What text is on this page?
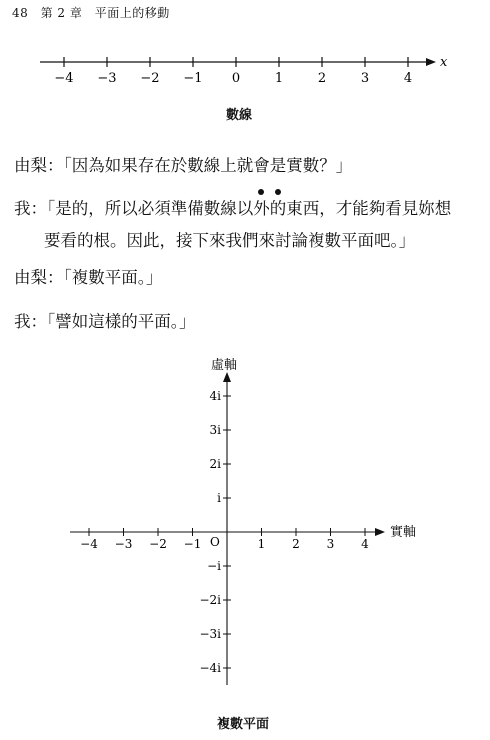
48 第 2 章 平面上的移動
−4 −3 −2 −1 0	1	2	3	4
x
−4 −3 −2 −1	1 2 3 4
4i
3i
2i
i
−i
−2i
−3i
−4i
實軸
虛軸
O
數線
由梨：「因為如果存在於數線上就會是實數？」
我：「是的，所以必須準備數線以外的東西，才能夠看見妳想
要看的根。因此，接下來我們來討論複數平面吧。」
由梨：「複數平面。」
我：「譬如這樣的平面。」
複數平面
